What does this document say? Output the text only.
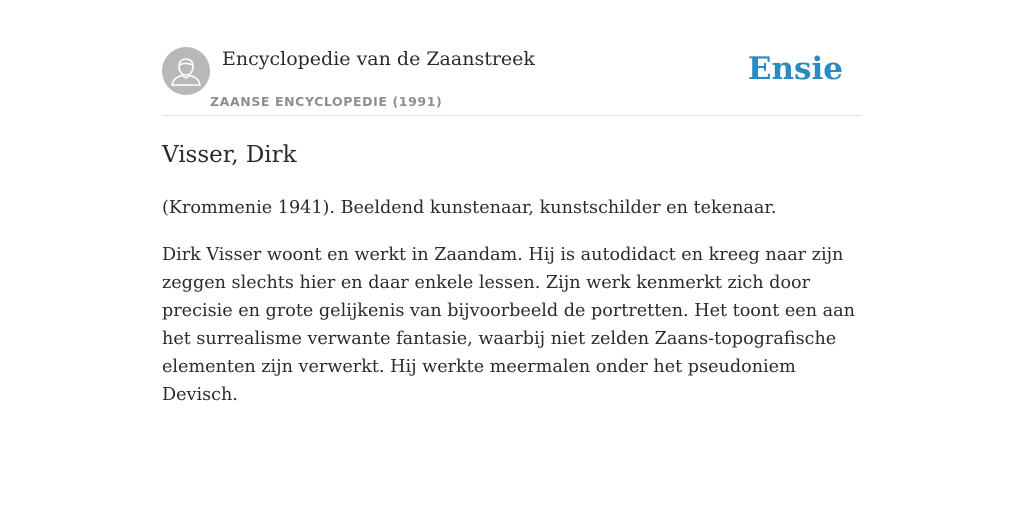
Encyclopedie van de Zaanstreek
ZAANSE ENCYCLOPEDIE (1991)
Ensie
Visser, Dirk

(Krommenie 1941). Beeldend kunstenaar, kunstschilder en tekenaar.

Dirk Visser woont en werkt in Zaandam. Hij is autodidact en kreeg naar zijn zeggen slechts hier en daar enkele lessen. Zijn werk kenmerkt zich door precisie en grote gelijkenis van bijvoorbeeld de portretten. Het toont een aan het surrealisme verwante fantasie, waarbij niet zelden Zaans-topografische elementen zijn verwerkt. Hij werkte meermalen onder het pseudoniem Devisch.
